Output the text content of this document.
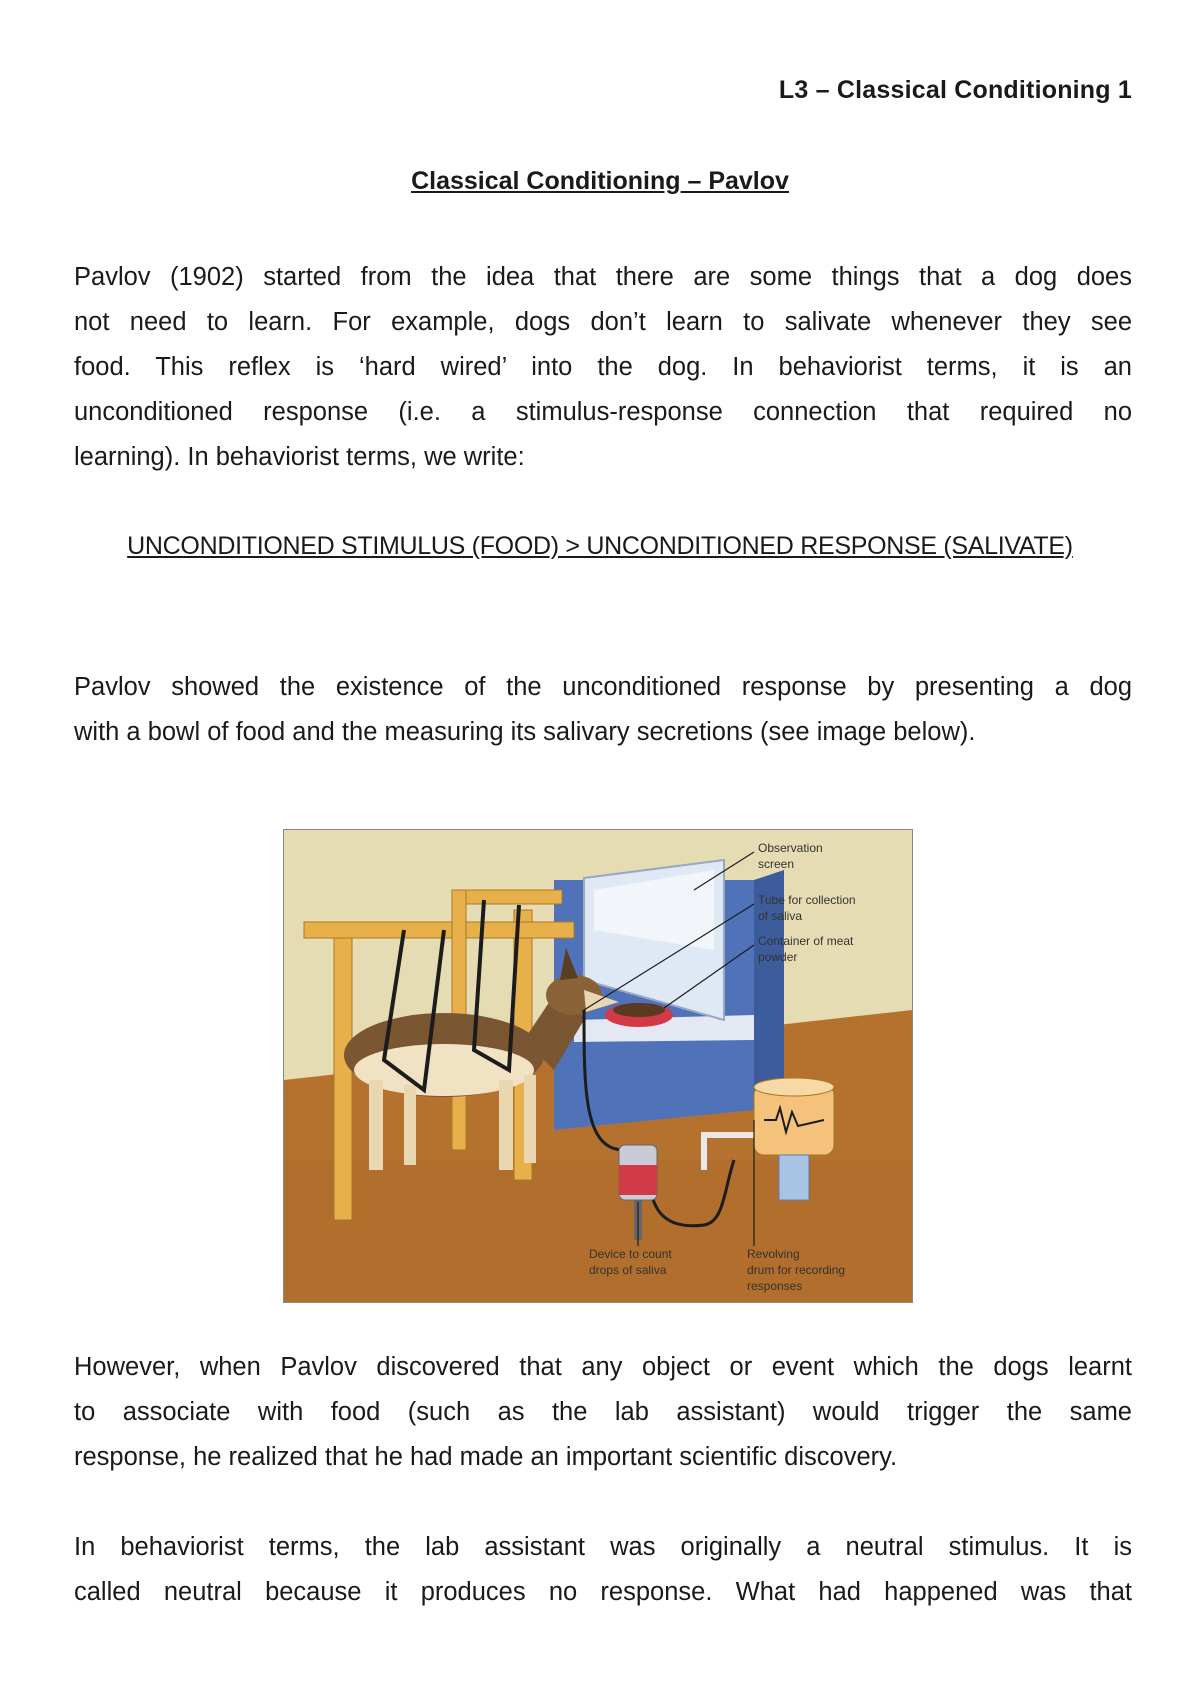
L3 – Classical Conditioning 1
Classical Conditioning – Pavlov
Pavlov (1902) started from the idea that there are some things that a dog does
not need to learn. For example, dogs don’t learn to salivate whenever they see
food. This reflex is ‘hard wired’ into the dog. In behaviorist terms, it is an
unconditioned response (i.e. a stimulus-response connection that required no
learning). In behaviorist terms, we write:
UNCONDITIONED STIMULUS (FOOD) > UNCONDITIONED RESPONSE (SALIVATE)
Pavlov showed the existence of the unconditioned response by presenting a dog
with a bowl of food and the measuring its salivary secretions (see image below).
Observation
screen
Tube for collection
of saliva
Container of meat
powder
Device to count
drops of saliva
Revolving
drum for recording
responses
However, when Pavlov discovered that any object or event which the dogs learnt
to associate with food (such as the lab assistant) would trigger the same
response, he realized that he had made an important scientific discovery.
In behaviorist terms, the lab assistant was originally a neutral stimulus. It is
called neutral because it produces no response. What had happened was that
